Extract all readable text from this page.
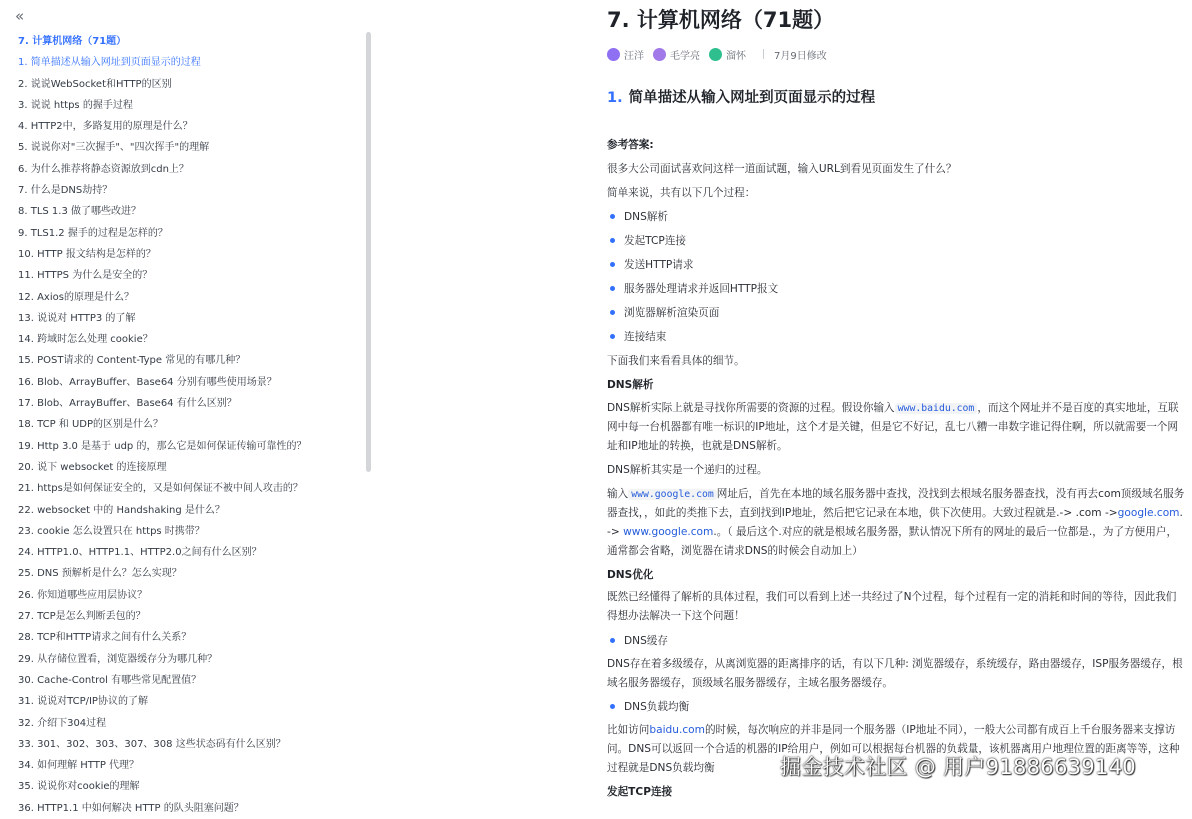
«
7. 计算机网络（71题）
1. 简单描述从输入网址到页面显示的过程
2. 说说WebSocket和HTTP的区别
3. 说说 https 的握手过程
4. HTTP2中，多路复用的原理是什么？
5. 说说你对"三次握手"、"四次挥手"的理解
6. 为什么推荐将静态资源放到cdn上？
7. 什么是DNS劫持？
8. TLS 1.3 做了哪些改进？
9. TLS1.2 握手的过程是怎样的？
10. HTTP 报文结构是怎样的？
11. HTTPS 为什么是安全的？
12. Axios的原理是什么？
13. 说说对 HTTP3 的了解
14. 跨域时怎么处理 cookie？
15. POST请求的 Content-Type 常见的有哪几种？
16. Blob、ArrayBuffer、Base64 分别有哪些使用场景？
17. Blob、ArrayBuffer、Base64 有什么区别？
18. TCP 和 UDP的区别是什么？
19. Http 3.0 是基于 udp 的，那么它是如何保证传输可靠性的？
20. 说下 websocket 的连接原理
21. https是如何保证安全的，又是如何保证不被中间人攻击的？
22. websocket 中的 Handshaking 是什么？
23. cookie 怎么设置只在 https 时携带？
24. HTTP1.0、HTTP1.1、HTTP2.0之间有什么区别？
25. DNS 预解析是什么？怎么实现？
26. 你知道哪些应用层协议？
27. TCP是怎么判断丢包的？
28. TCP和HTTP请求之间有什么关系？
29. 从存储位置看，浏览器缓存分为哪几种？
30. Cache-Control 有哪些常见配置值？
31. 说说对TCP/IP协议的了解
32. 介绍下304过程
33. 301、302、303、307、308 这些状态码有什么区别？
34. 如何理解 HTTP 代理？
35. 说说你对cookie的理解
36. HTTP1.1 中如何解决 HTTP 的队头阻塞问题？
7. 计算机网络（71题）
汪洋	毛学亮	溜怀	7月9日修改
1. 简单描述从输入网址到页面显示的过程
参考答案:
很多大公司面试喜欢问这样一道面试题，输入URL到看见页面发生了什么？
简单来说，共有以下几个过程：
DNS解析
发起TCP连接
发送HTTP请求
服务器处理请求并返回HTTP报文
浏览器解析渲染页面
连接结束
下面我们来看看具体的细节。
DNS解析
DNS解析实际上就是寻找你所需要的资源的过程。假设你输入 www.baidu.com ，而这个网址并不是百度的真实地址，互联网中每一台机器都有唯一标识的IP地址，这个才是关键，但是它不好记，乱七八糟一串数字谁记得住啊，所以就需要一个网址和IP地址的转换，也就是DNS解析。
DNS解析其实是一个递归的过程。
输入 www.google.com 网址后，首先在本地的域名服务器中查找，没找到去根域名服务器查找，没有再去com顶级域名服务器查找，，如此的类推下去，直到找到IP地址，然后把它记录在本地，供下次使用。大致过程就是.-> .com ->google.com. -> www.google.com.。（ 最后这个.对应的就是根域名服务器，默认情况下所有的网址的最后一位都是.，为了方便用户，通常都会省略，浏览器在请求DNS的时候会自动加上）
DNS优化
既然已经懂得了解析的具体过程，我们可以看到上述一共经过了N个过程，每个过程有一定的消耗和时间的等待，因此我们得想办法解决一下这个问题！
DNS缓存
DNS存在着多级缓存，从离浏览器的距离排序的话，有以下几种: 浏览器缓存，系统缓存，路由器缓存，ISP服务器缓存，根域名服务器缓存，顶级域名服务器缓存，主域名服务器缓存。
DNS负载均衡
比如访问baidu.com的时候，每次响应的并非是同一个服务器（IP地址不同），一般大公司都有成百上千台服务器来支撑访问。DNS可以返回一个合适的机器的IP给用户，例如可以根据每台机器的负载量，该机器离用户地理位置的距离等等，这种过程就是DNS负载均衡
发起TCP连接
掘金技术社区 @ 用户91886639140
